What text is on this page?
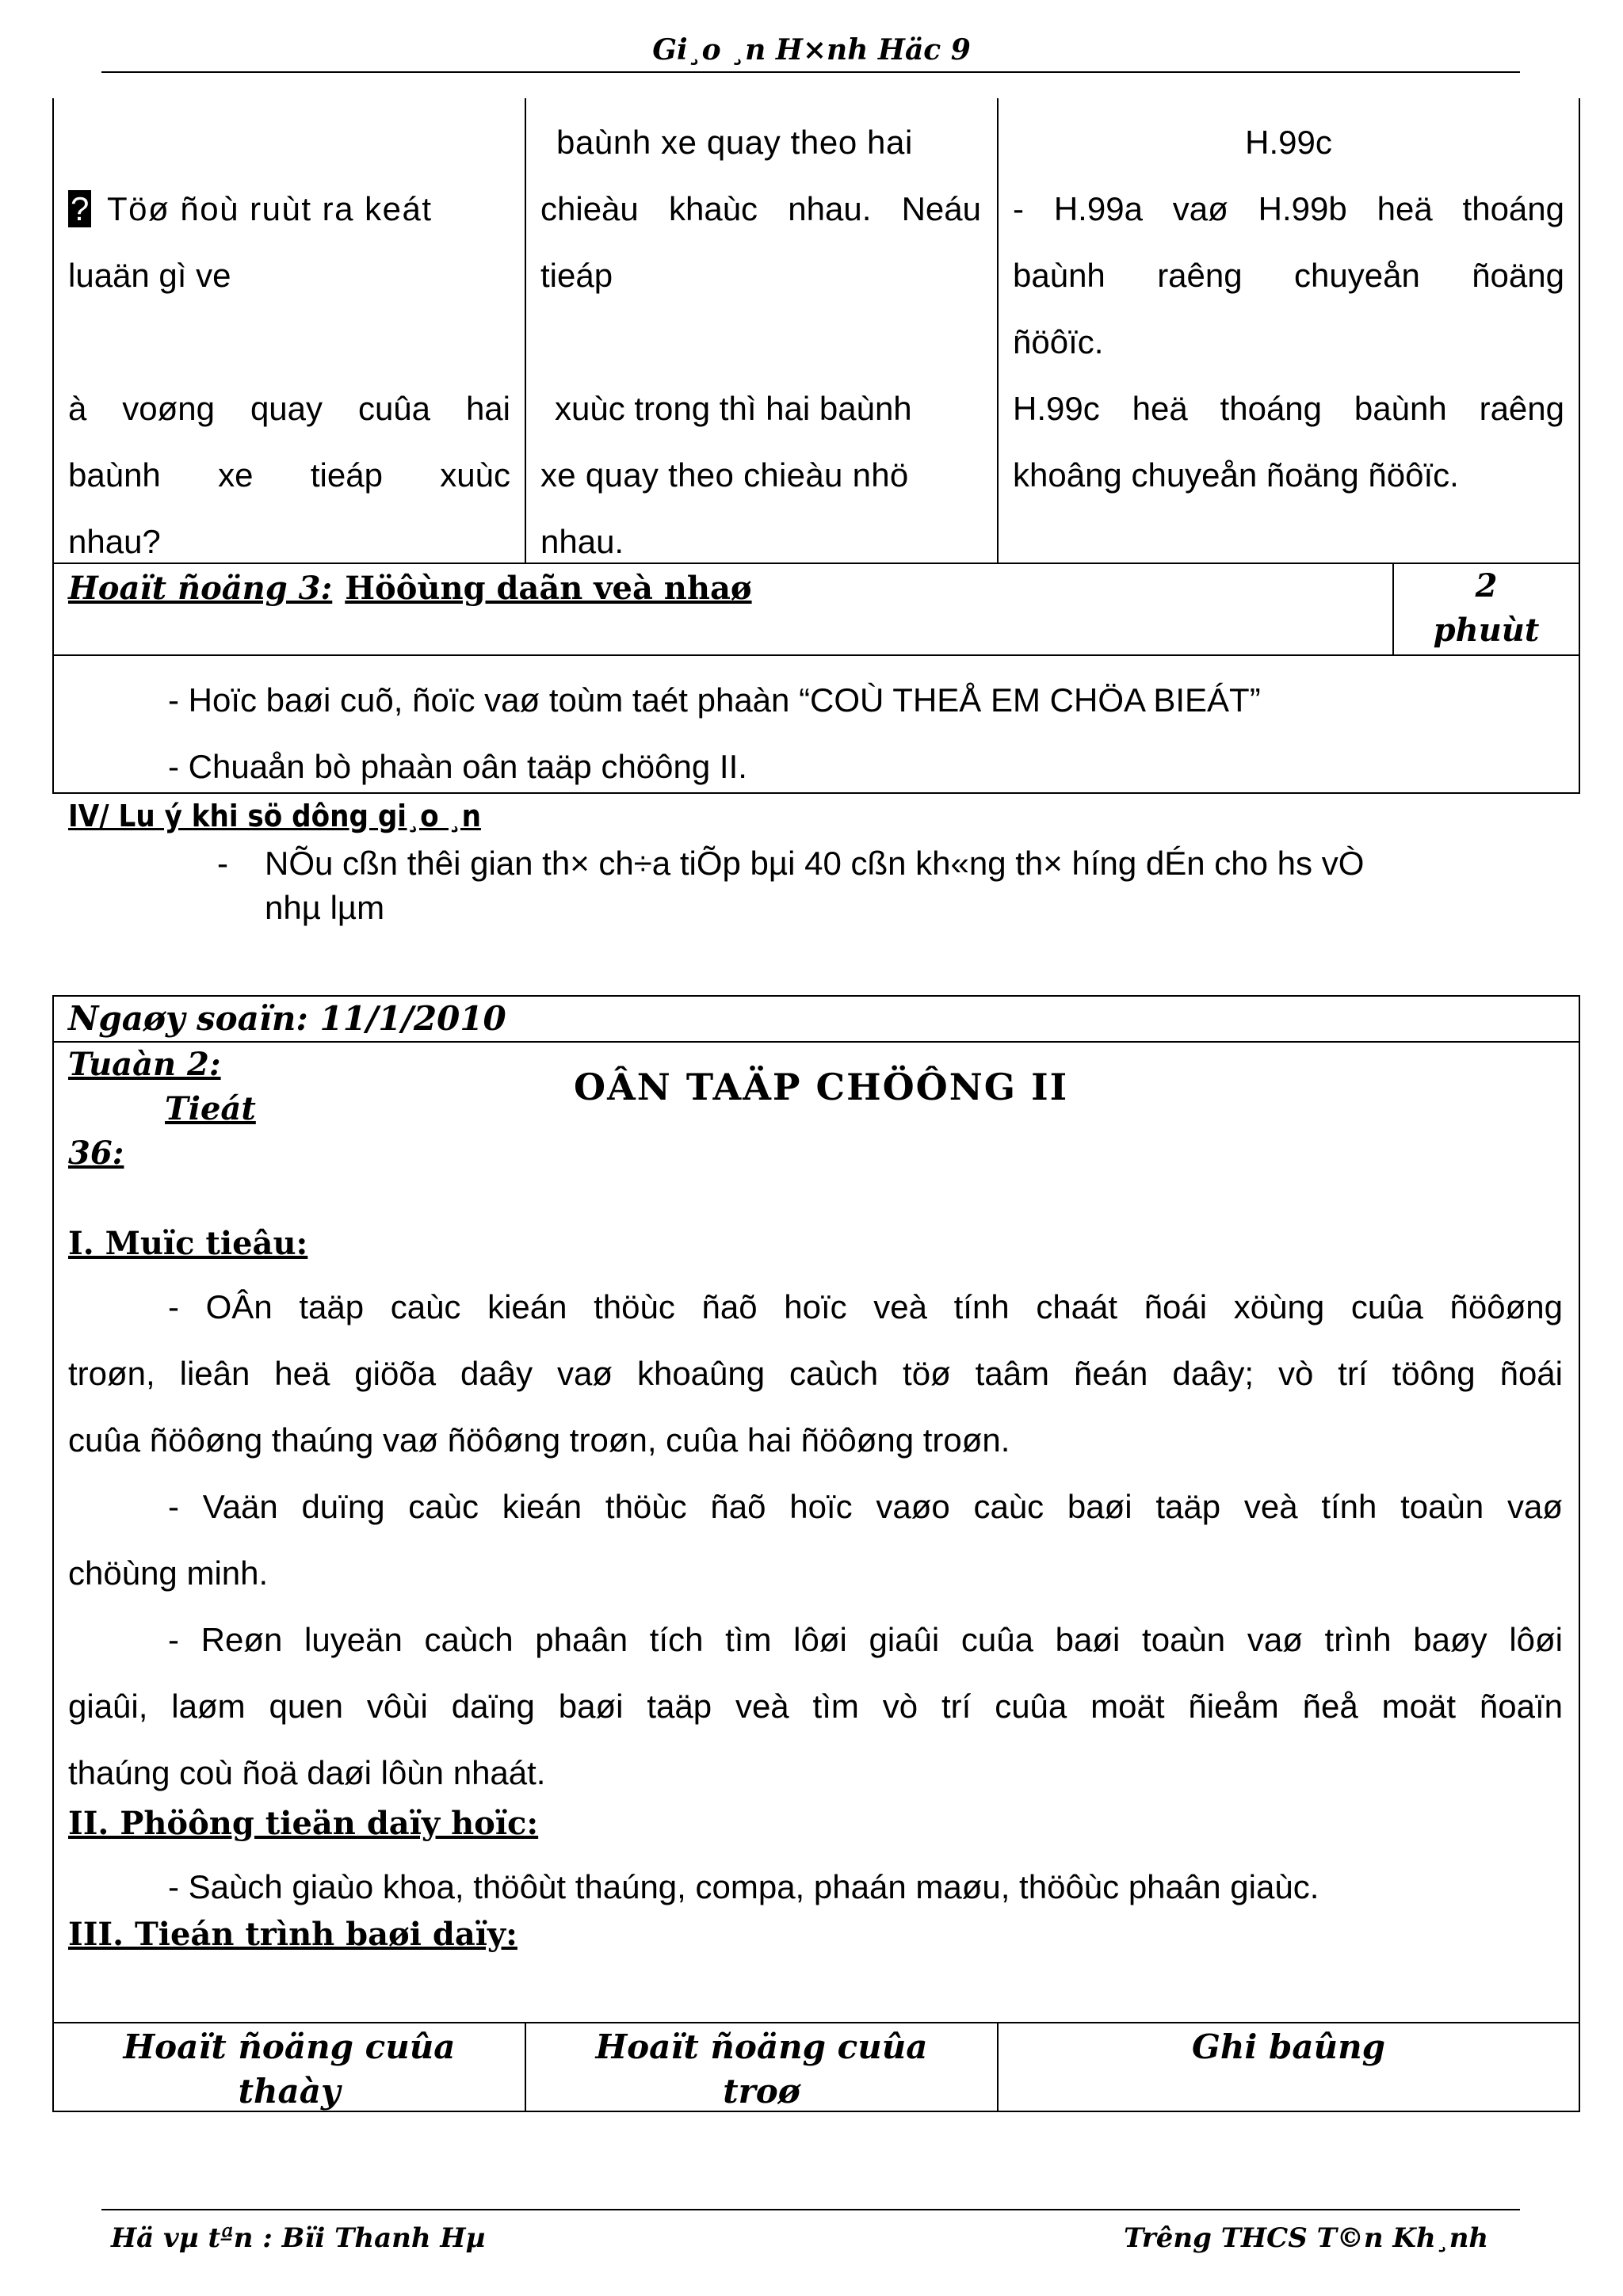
Gi¸o ¸n H×nh Häc 9
? Töø ñoù ruùt ra keát
luaän gì ve
à voøng quay cuûa hai
baùnh xe tieáp xuùc
nhau?
baùnh xe quay theo hai
chieàu khaùc nhau. Neáu
tieáp
xuùc trong thì hai baùnh
xe quay theo chieàu nhö
nhau.
H.99c
- H.99a vaø H.99b heä thoáng
baùnh raêng chuyeån ñoäng
ñöôïc.
H.99c heä thoáng baùnh raêng
khoâng chuyeån ñoäng ñöôïc.
Hoaït ñoäng 3: Höôùng daãn veà nhaø	2
phuùt
- Hoïc baøi cuõ, ñoïc vaø toùm taét phaàn “COÙ THEÅ EM CHÖA BIEÁT”
- Chuaån bò phaàn oân taäp chöông II.
IV/ Lu ý khi sö dông gi¸o ¸n
- NÕu cßn thêi gian th× ch÷a tiÕp bµi 40 cßn kh«ng th× híng dÉn cho hs vÒ
nhµ lµm
Ngaøy soaïn: 11/1/2010
Tuaàn 2:
Tieát
36:
OÂN TAÄP CHÖÔNG II
I. Muïc tieâu:
- OÂn taäp caùc kieán thöùc ñaõ hoïc veà tính chaát ñoái xöùng cuûa ñöôøng
troøn, lieân heä giöõa daây vaø khoaûng caùch töø taâm ñeán daây; vò trí töông ñoái
cuûa ñöôøng thaúng vaø ñöôøng troøn, cuûa hai ñöôøng troøn.
- Vaän duïng caùc kieán thöùc ñaõ hoïc vaøo caùc baøi taäp veà tính toaùn vaø
chöùng minh.
- Reøn luyeän caùch phaân tích tìm lôøi giaûi cuûa baøi toaùn vaø trình baøy lôøi
giaûi, laøm quen vôùi daïng baøi taäp veà tìm vò trí cuûa moät ñieåm ñeå moät ñoaïn
thaúng coù ñoä daøi lôùn nhaát.
II. Phöông tieän daïy hoïc:
- Saùch giaùo khoa, thöôùt thaúng, compa, phaán maøu, thöôùc phaân giaùc.
III. Tieán trình baøi daïy:
Hoaït ñoäng cuûa
thaày
Hoaït ñoäng cuûa
troø
Ghi baûng
Hä vµ tªn : Bïi Thanh Hµ	Trêng THCS T©n Kh¸nh
